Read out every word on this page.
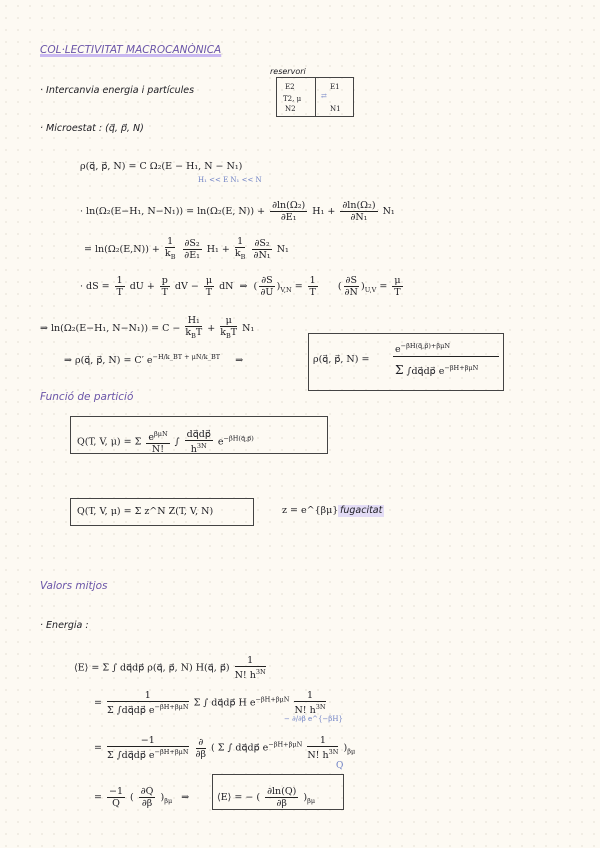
COL·LECTIVITAT MACROCANÒNICA
reservori
E2	E1
T2, μ
N2	N1
⇄
· Intercanvia energia i partícules
· Microestat : (q⃗, p⃗, N)
ρ(q⃗, p⃗, N) = C Ω₂(E − H₁, N − N₁)
H₁ << E N₁ << N
· ln(Ω₂(E−H₁, N−N₁)) = ln(Ω₂(E, $N)) + \frac{\text{∂ln(Ω₂)}}{\text{∂E₁}} H_1 + \frac{\text{∂ln(Ω₂)}}{\text{∂N₁}} N_1$
= $\ln(\Omega_2(E,N)) + \frac{1}{k_B}$
$\frac{\text{∂S₂}}{\text{∂E₁}} H_1 + \frac{1}{k_B}$
$\frac{\text{∂S₂}}{\text{∂N₁}} N_1$
· dS = $\frac{1}{T}$ dU + $\frac{p}{T}$ dV − $\frac{\mu}{T}$ dN  ⇒  ( $\frac{\partial S}{\partial U} )_{V,N} = \frac{1}{T}$ ( $\frac{\partial S}{\partial N} )_{U,V} = \frac{\mu}{T}$
⇒ ln(Ω₂(E−H₁, $N-N_1)) = C - \frac{\text{H₁}}{k_BT} + \frac{\mu}{k_BT} N_1$
⇒ ρ(q⃗, p⃗, N) = C′ $e^{-H/k\_BT + \mu N/k\_BT}$     ⇒	ρ(q⃗, p⃗, N) =
$e^{-\beta H(q⃗,p⃗)+\beta\mu N}$
Σ ∫dq⃗dp⃗ $e^{-\beta H+\beta\mu N}$
Funció de partició
Q(T, V, μ) = Σ $\frac{e^{\beta\mu N}}{N!}$ ∫ $\frac{dq⃗dp⃗}{h^{3N}} e^{-\beta H(q⃗,p⃗)}$
Q(T, V, μ) = Σ z^N Z(T, V, N)	z = e^{βμ} fugacitat
Valors mitjos
· Energia :
⟨E⟩ = Σ ∫ dq⃗dp⃗ ρ(q⃗, p⃗, N) H(q⃗, p⃗) $\frac{1}{N! h^{3N}}$
= $\frac{1}{\Sigma \int dq⃗dp⃗ e^{-\beta H+\beta\mu N}}$ Σ ∫ dq⃗dp⃗ H $e^{-\beta H+\beta\mu N} \frac{1}{N! h^{3N}}$
− ∂/∂β e^{−βH}
= $\frac{-1}{\Sigma \int dq⃗dp⃗ e^{-\beta H+\beta\mu N}}$
$\frac{\partial}{\partial\beta}$ ( Σ ∫ dq⃗dp⃗ $e^{-\beta H+\beta\mu N} \frac{1}{N! h^{3N}} )_{\beta\mu}$
Q
= $\frac{-1}{Q}$ ( $\frac{\partial Q}{\partial\beta} )_{\beta\mu}$   ⇒	⟨E⟩ = − ( $\frac{\partial\ln(Q)}{\partial\beta} )_{\beta\mu}$
